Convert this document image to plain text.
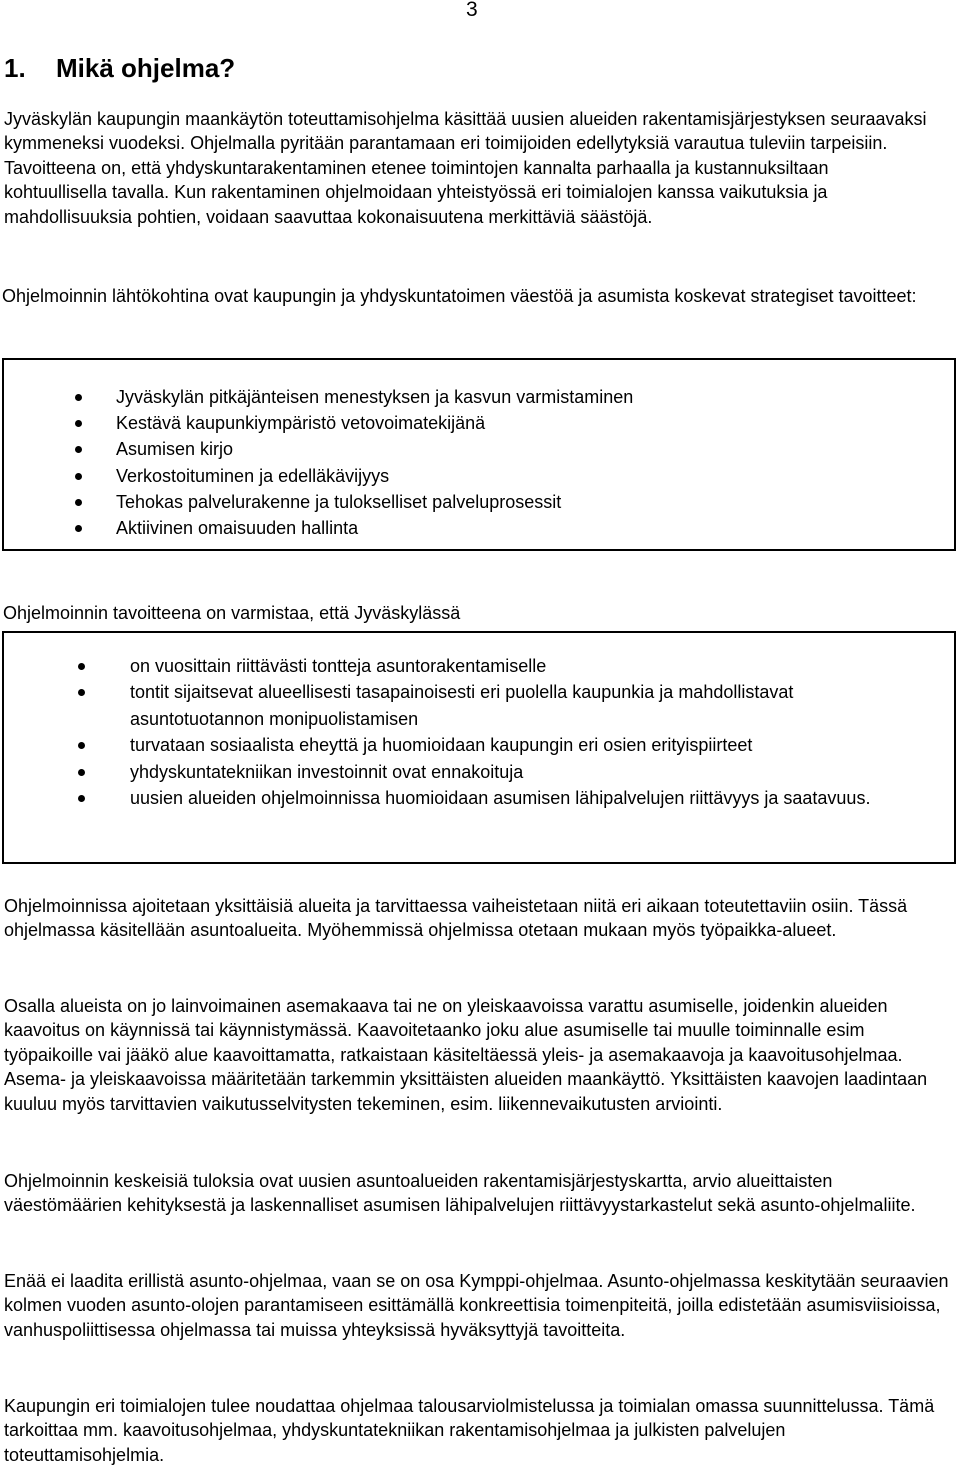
3
1. Mikä ohjelma?

Jyväskylän kaupungin maankäytön toteuttamisohjelma käsittää uusien alueiden rakentamisjärjestyksen seuraavaksi kymmeneksi vuodeksi. Ohjelmalla pyritään parantamaan eri toimijoiden edellytyksiä varautua tuleviin tarpeisiin. Tavoitteena on, että yhdyskuntarakentaminen etenee toimintojen kannalta parhaalla ja kustannuksiltaan kohtuullisella tavalla. Kun rakentaminen ohjelmoidaan yhteistyössä eri toimialojen kanssa vaikutuksia ja mahdollisuuksia pohtien, voidaan saavuttaa kokonaisuutena merkittäviä säästöjä.

Ohjelmoinnin lähtökohtina ovat kaupungin ja yhdyskuntatoimen väestöä ja asumista koskevat strategiset tavoitteet:

Jyväskylän pitkäjänteisen menestyksen ja kasvun varmistaminen
Kestävä kaupunkiympäristö vetovoimatekijänä
Asumisen kirjo
Verkostoituminen ja edelläkävijyys
Tehokas palvelurakenne ja tulokselliset palveluprosessit
Aktiivinen omaisuuden hallinta

Ohjelmoinnin tavoitteena on varmistaa, että Jyväskylässä

on vuosittain riittävästi tontteja asuntorakentamiselle
tontit sijaitsevat alueellisesti tasapainoisesti eri puolella kaupunkia ja mahdollistavat asuntotuotannon monipuolistamisen
turvataan sosiaalista eheyttä ja huomioidaan kaupungin eri osien erityispiirteet
yhdyskuntatekniikan investoinnit ovat ennakoituja
uusien alueiden ohjelmoinnissa huomioidaan asumisen lähipalvelujen riittävyys ja saatavuus.

Ohjelmoinnissa ajoitetaan yksittäisiä alueita ja tarvittaessa vaiheistetaan niitä eri aikaan toteutettaviin osiin. Tässä ohjelmassa käsitellään asuntoalueita. Myöhemmissä ohjelmissa otetaan mukaan myös työpaikka-alueet.

Osalla alueista on jo lainvoimainen asemakaava tai ne on yleiskaavoissa varattu asumiselle, joidenkin alueiden kaavoitus on käynnissä tai käynnistymässä. Kaavoitetaanko joku alue asumiselle tai muulle toiminnalle esim työpaikoille vai jääkö alue kaavoittamatta, ratkaistaan käsiteltäessä yleis- ja asemakaavoja ja kaavoitusohjelmaa. Asema- ja yleiskaavoissa määritetään tarkemmin yksittäisten alueiden maankäyttö. Yksittäisten kaavojen laadintaan kuuluu myös tarvittavien vaikutusselvitysten tekeminen, esim. liikennevaikutusten arviointi.

Ohjelmoinnin keskeisiä tuloksia ovat uusien asuntoalueiden rakentamisjärjestyskartta, arvio alueittaisten väestömäärien kehityksestä ja laskennalliset asumisen lähipalvelujen riittävyystarkastelut sekä asunto-ohjelmaliite.

Enää ei laadita erillistä asunto-ohjelmaa, vaan se on osa Kymppi-ohjelmaa. Asunto-ohjelmassa keskitytään seuraavien kolmen vuoden asunto-olojen parantamiseen esittämällä konkreettisia toimenpiteitä, joilla edistetään asumisviisioissa, vanhuspoliittisessa ohjelmassa tai muissa yhteyksissä hyväksyttyjä tavoitteita.

Kaupungin eri toimialojen tulee noudattaa ohjelmaa talousarviolmistelussa ja toimialan omassa suunnittelussa. Tämä tarkoittaa mm. kaavoitusohjelmaa, yhdyskuntatekniikan rakentamisohjelmaa ja julkisten palvelujen toteuttamisohjelmia.
